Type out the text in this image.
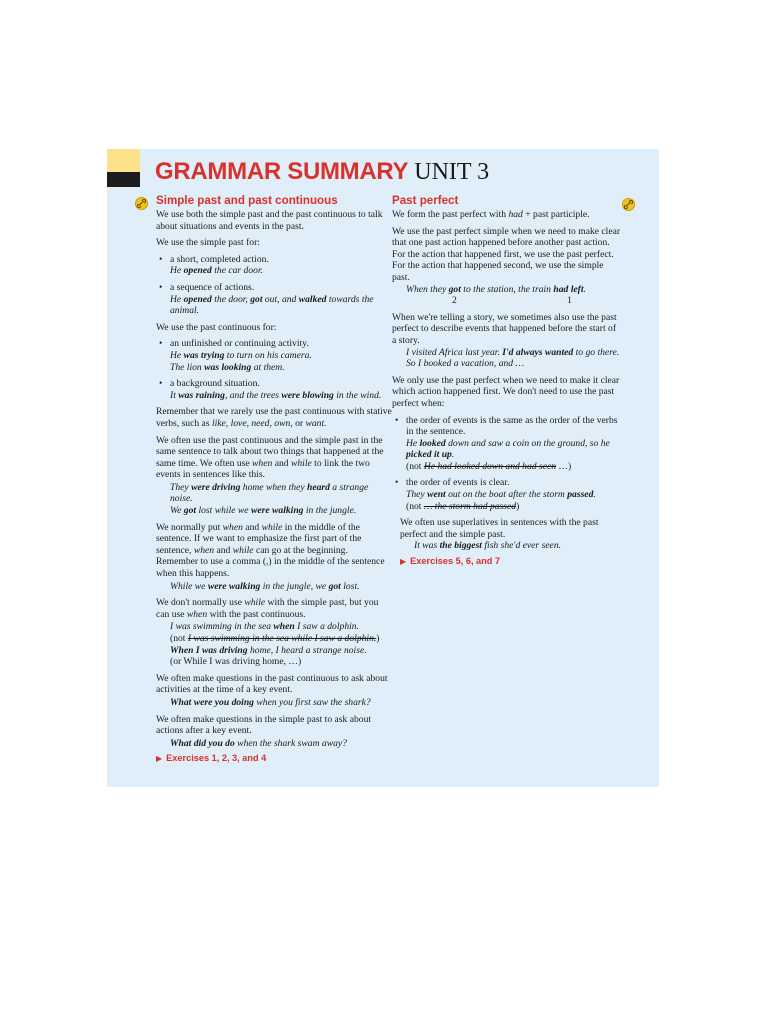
GRAMMAR SUMMARY UNIT 3
Simple past and past continuous

We use both the simple past and the past continuous to talk about situations and events in the past.

We use the simple past for:

• a short, completed action.
He opened the car door.
• a sequence of actions.
He opened the door, got out, and walked towards the animal.

We use the past continuous for:

• an unfinished or continuing activity.
He was trying to turn on his camera.
The lion was looking at them.
• a background situation.
It was raining, and the trees were blowing in the wind.

Remember that we rarely use the past continuous with stative verbs, such as like, love, need, own, or want.

We often use the past continuous and the simple past in the same sentence to talk about two things that happened at the same time. We often use when and while to link the two events in sentences like this.

They were driving home when they heard a strange noise.
We got lost while we were walking in the jungle.

We normally put when and while in the middle of the sentence. If we want to emphasize the first part of the sentence, when and while can go at the beginning. Remember to use a comma (,) in the middle of the sentence when this happens.

While we were walking in the jungle, we got lost.

We don't normally use while with the simple past, but you can use when with the past continuous.

I was swimming in the sea when I saw a dolphin.
(not I was swimming in the sea while I saw a dolphin.)
When I was driving home, I heard a strange noise.
(or While I was driving home, …)

We often make questions in the past continuous to ask about activities at the time of a key event.

What were you doing when you first saw the shark?

We often make questions in the simple past to ask about actions after a key event.

What did you do when the shark swam away?
▶ Exercises 1, 2, 3, and 4
Past perfect

We form the past perfect with had + past participle.

We use the past perfect simple when we need to make clear that one past action happened before another past action. For the action that happened first, we use the past perfect. For the action that happened second, we use the simple past.

When they got to the station, the train had left.
2                                              1

When we're telling a story, we sometimes also use the past perfect to describe events that happened before the start of a story.

I visited Africa last year. I'd always wanted to go there. So I booked a vacation, and …

We only use the past perfect when we need to make it clear which action happened first. We don't need to use the past perfect when:

• the order of events is the same as the order of the verbs in the sentence.
He looked down and saw a coin on the ground, so he picked it up.
(not He had looked down and had seen …)
• the order of events is clear.
They went out on the boat after the storm passed.
(not … the storm had passed)

We often use superlatives in sentences with the past perfect and the simple past.

It was the biggest fish she'd ever seen.
▶ Exercises 5, 6, and 7
